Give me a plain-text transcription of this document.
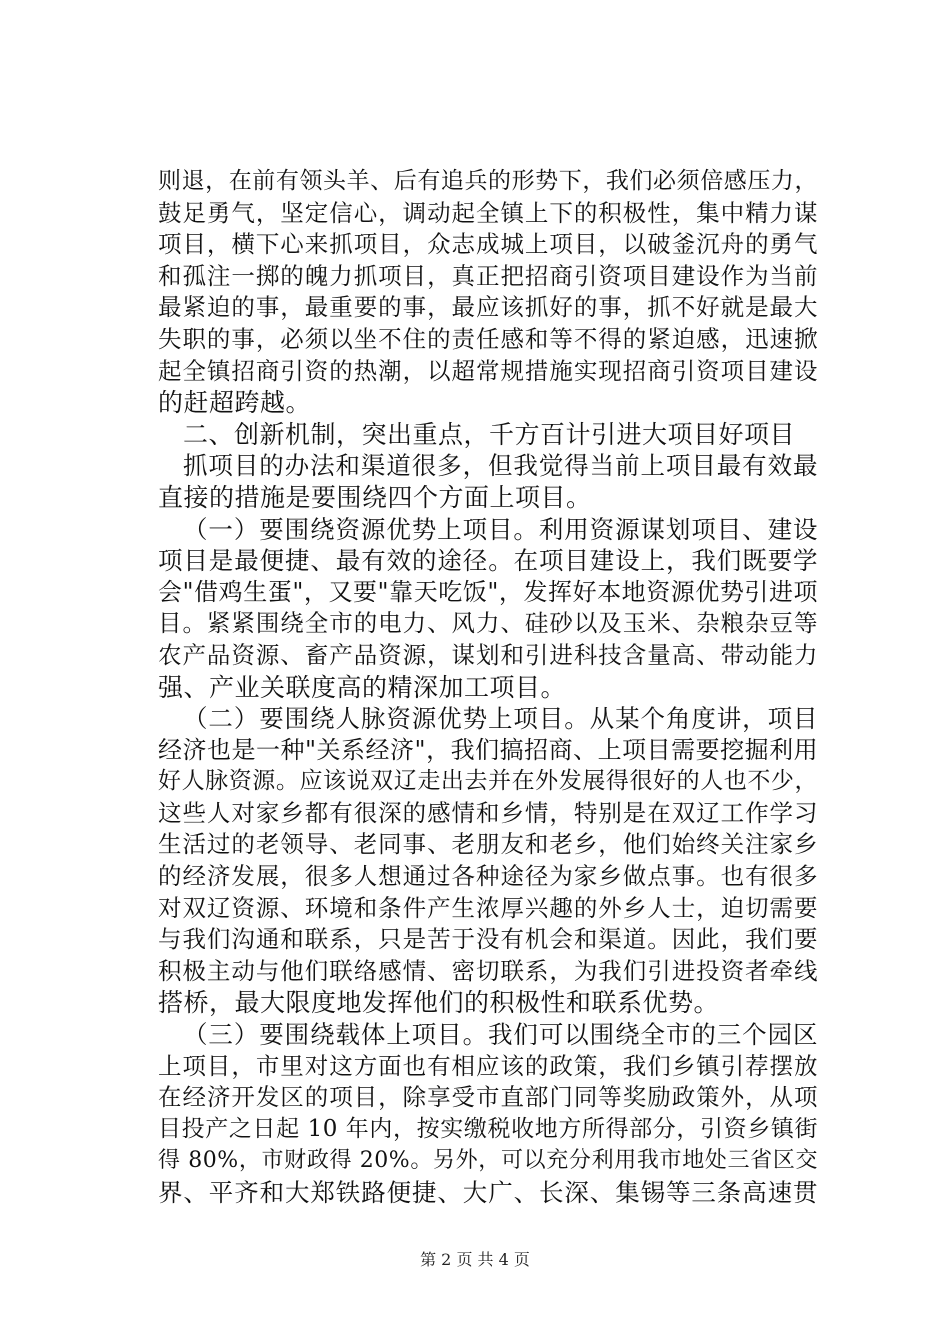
则退，在前有领头羊、后有追兵的形势下，我们必须倍感压力，
鼓足勇气，坚定信心，调动起全镇上下的积极性，集中精力谋
项目，横下心来抓项目，众志成城上项目，以破釜沉舟的勇气
和孤注一掷的魄力抓项目，真正把招商引资项目建设作为当前
最紧迫的事，最重要的事，最应该抓好的事，抓不好就是最大
失职的事，必须以坐不住的责任感和等不得的紧迫感，迅速掀
起全镇招商引资的热潮，以超常规措施实现招商引资项目建设
的赶超跨越。
二、创新机制，突出重点，千方百计引进大项目好项目
抓项目的办法和渠道很多，但我觉得当前上项目最有效最
直接的措施是要围绕四个方面上项目。
（一）要围绕资源优势上项目。利用资源谋划项目、建设
项目是最便捷、最有效的途径。在项目建设上，我们既要学
会"借鸡生蛋"，又要"靠天吃饭"，发挥好本地资源优势引进项
目。紧紧围绕全市的电力、风力、硅砂以及玉米、杂粮杂豆等
农产品资源、畜产品资源，谋划和引进科技含量高、带动能力
强、产业关联度高的精深加工项目。
（二）要围绕人脉资源优势上项目。从某个角度讲，项目
经济也是一种"关系经济"，我们搞招商、上项目需要挖掘利用
好人脉资源。应该说双辽走出去并在外发展得很好的人也不少，
这些人对家乡都有很深的感情和乡情，特别是在双辽工作学习
生活过的老领导、老同事、老朋友和老乡，他们始终关注家乡
的经济发展，很多人想通过各种途径为家乡做点事。也有很多
对双辽资源、环境和条件产生浓厚兴趣的外乡人士，迫切需要
与我们沟通和联系，只是苦于没有机会和渠道。因此，我们要
积极主动与他们联络感情、密切联系，为我们引进投资者牵线
搭桥，最大限度地发挥他们的积极性和联系优势。
（三）要围绕载体上项目。我们可以围绕全市的三个园区
上项目，市里对这方面也有相应该的政策，我们乡镇引荐摆放
在经济开发区的项目，除享受市直部门同等奖励政策外，从项
目投产之日起 10 年内，按实缴税收地方所得部分，引资乡镇街
得 80%，市财政得 20%。另外，可以充分利用我市地处三省区交
界、平齐和大郑铁路便捷、大广、长深、集锡等三条高速贯
第 2 页 共 4 页
